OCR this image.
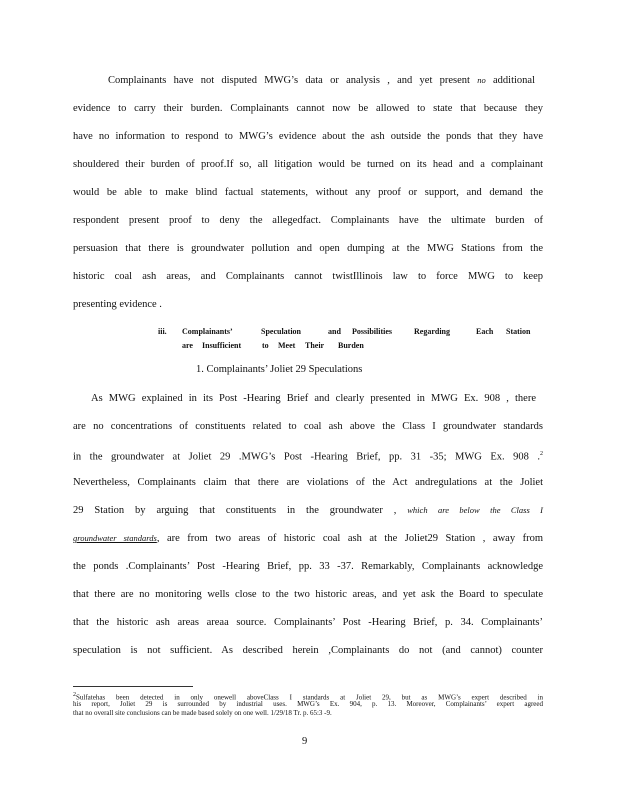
Complainants have not disputed MWG’s data or analysis , and yet present no additional
evidence to carry their burden. Complainants cannot now be allowed to state that because they
have no information to respond to MWG’s evidence about the ash outside the ponds that they have
shouldered their burden of proof.If so, all litigation would be turned on its head and a complainant
would be able to make blind factual statements, without any proof or support, and demand the
respondent present proof to deny the allegedfact. Complainants have the ultimate burden of
persuasion that there is groundwater pollution and open dumping at the MWG Stations from the
historic coal ash areas, and Complainants cannot twistIllinois law to force MWG to keep
presenting evidence .
iii. Complainants’	Speculation	and Possibilities	Regarding	Each Station
are Insufficient	to Meet Their Burden
1. Complainants’ Joliet 29 Speculations
As MWG explained in its Post -Hearing Brief and clearly presented in MWG Ex. 908 , there
are no concentrations of constituents related to coal ash above the Class I groundwater standards
in the groundwater at Joliet 29 .MWG’s Post -Hearing Brief, pp. 31 -35; MWG Ex. 908 .$^2$
Nevertheless, Complainants claim that there are violations of the Act andregulations at the Joliet
29 Station by arguing that constituents in the groundwater , which are below the Class I
groundwater standards, are from two areas of historic coal ash at the Joliet29 Station , away from
the ponds .Complainants’ Post -Hearing Brief, pp. 33 -37. Remarkably, Complainants acknowledge
that there are no monitoring wells close to the two historic areas, and yet ask the Board to speculate
that the historic ash areas areaa source. Complainants’ Post -Hearing Brief, p. 34. Complainants’
speculation is not sufficient. As described herein ,Complainants do not (and cannot) counter
$^2$Sulfatehas been detected in only onewell aboveClass I standards at Joliet 29, but as MWG’s expert described in
his report, Joliet 29 is surrounded by industrial uses. MWG’s Ex. 904, p. 13. Moreover, Complainants’ expert agreed
that no overall site conclusions can be made based solely on one well. 1/29/18 Tr. p. 65:3 -9.
9
